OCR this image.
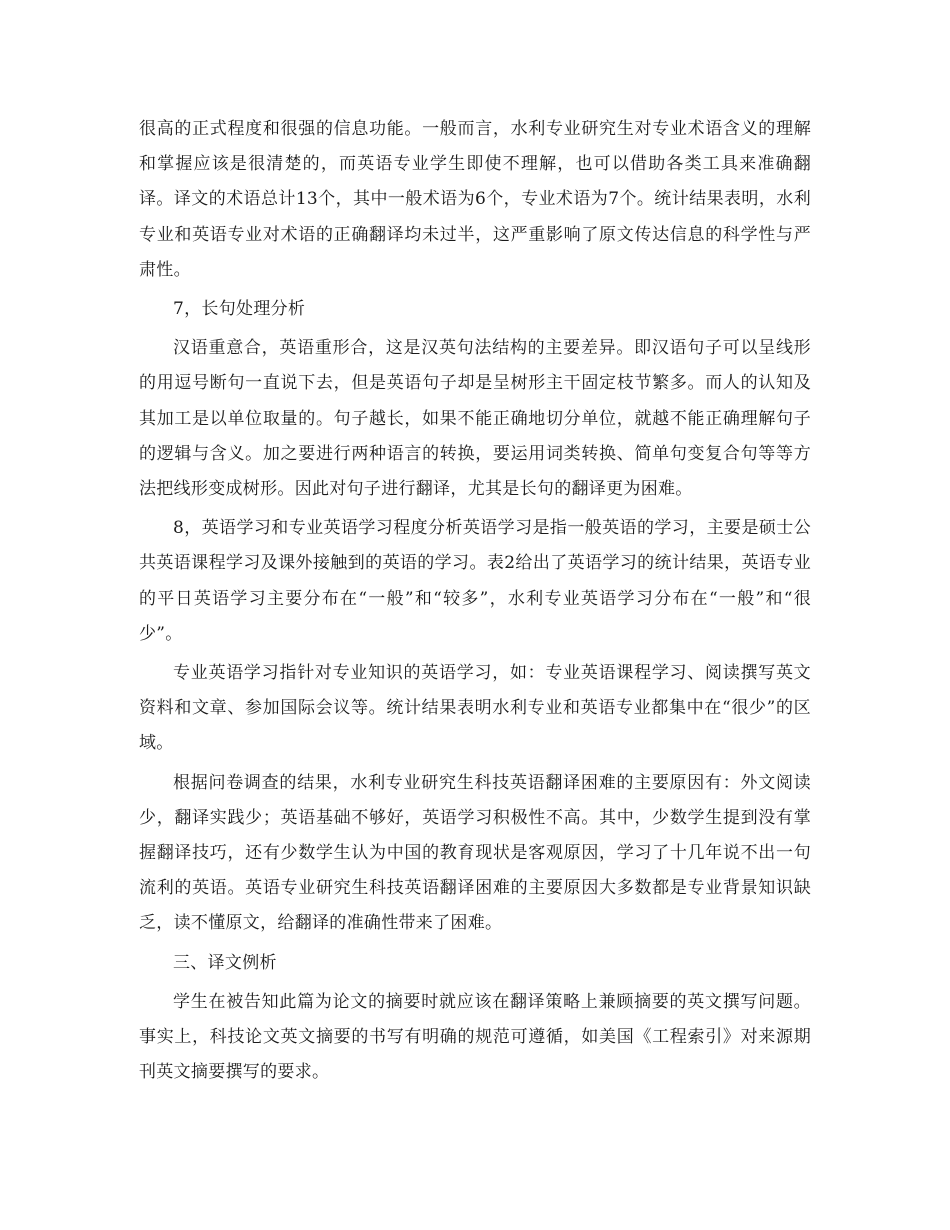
很高的正式程度和很强的信息功能。一般而言，水利专业研究生对专业术语含义的理解和掌握应该是很清楚的，而英语专业学生即使不理解，也可以借助各类工具来准确翻译。译文的术语总计13个，其中一般术语为6个，专业术语为7个。统计结果表明，水利专业和英语专业对术语的正确翻译均未过半，这严重影响了原文传达信息的科学性与严肃性。

7，长句处理分析

汉语重意合，英语重形合，这是汉英句法结构的主要差异。即汉语句子可以呈线形的用逗号断句一直说下去，但是英语句子却是呈树形主干固定枝节繁多。而人的认知及其加工是以单位取量的。句子越长，如果不能正确地切分单位，就越不能正确理解句子的逻辑与含义。加之要进行两种语言的转换，要运用词类转换、简单句变复合句等等方法把线形变成树形。因此对句子进行翻译，尤其是长句的翻译更为困难。

8，英语学习和专业英语学习程度分析英语学习是指一般英语的学习，主要是硕士公共英语课程学习及课外接触到的英语的学习。表2给出了英语学习的统计结果，英语专业的平日英语学习主要分布在“一般”和“较多”，水利专业英语学习分布在“一般”和“很少”。

专业英语学习指针对专业知识的英语学习，如：专业英语课程学习、阅读撰写英文资料和文章、参加国际会议等。统计结果表明水利专业和英语专业都集中在“很少”的区域。

根据问卷调查的结果，水利专业研究生科技英语翻译困难的主要原因有：外文阅读少，翻译实践少；英语基础不够好，英语学习积极性不高。其中，少数学生提到没有掌握翻译技巧，还有少数学生认为中国的教育现状是客观原因，学习了十几年说不出一句流利的英语。英语专业研究生科技英语翻译困难的主要原因大多数都是专业背景知识缺乏，读不懂原文，给翻译的准确性带来了困难。

三、译文例析

学生在被告知此篇为论文的摘要时就应该在翻译策略上兼顾摘要的英文撰写问题。事实上，科技论文英文摘要的书写有明确的规范可遵循，如美国《工程索引》对来源期刊英文摘要撰写的要求。
